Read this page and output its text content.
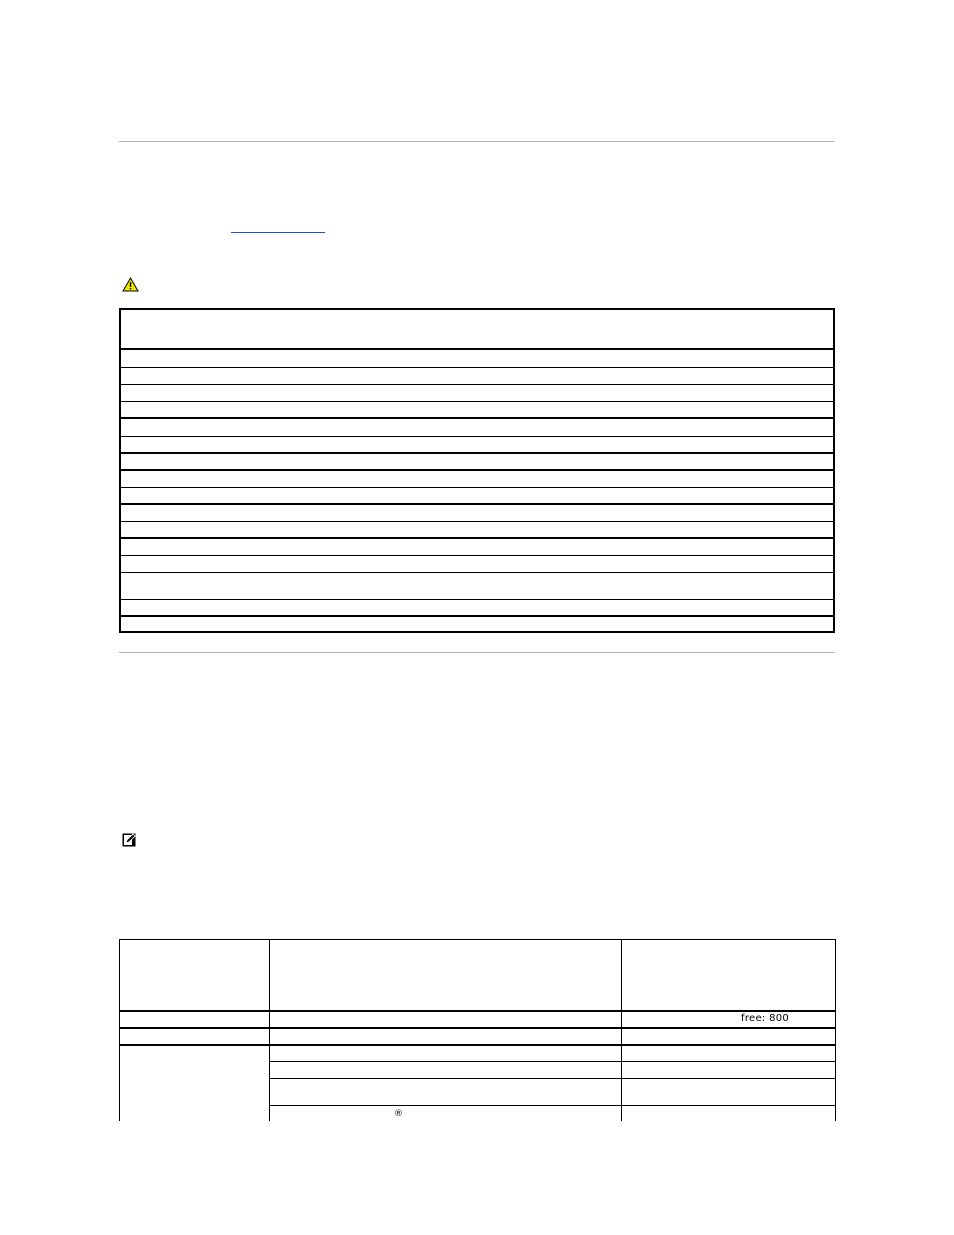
		free: 800

	®	
